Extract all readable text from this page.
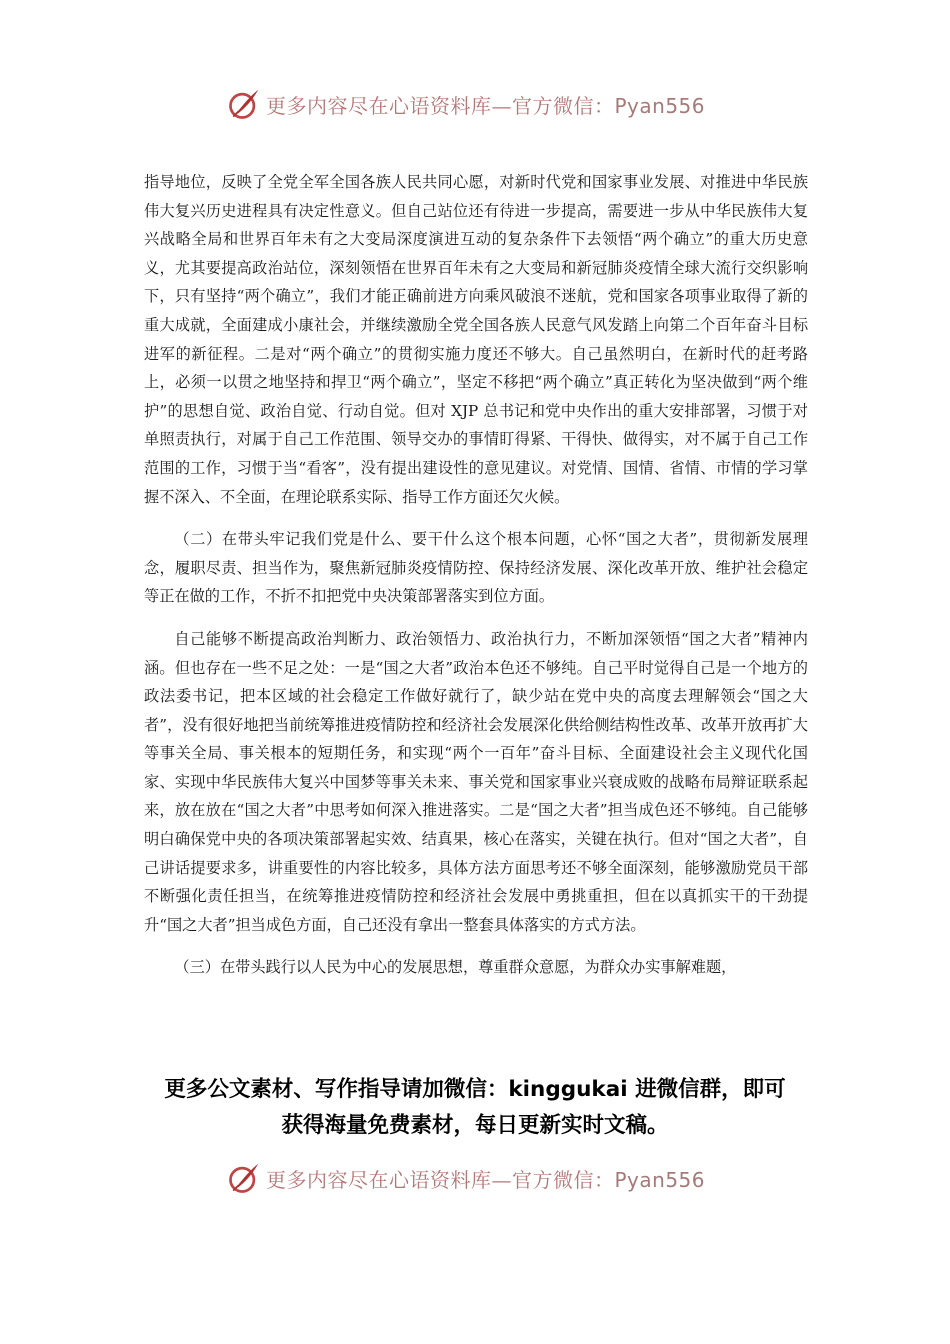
更多内容尽在心语资料库—官方微信：Pyan556

指导地位，反映了全党全军全国各族人民共同心愿，对新时代党和国家事业发展、对推进中华民族伟大复兴历史进程具有决定性意义。但自己站位还有待进一步提高，需要进一步从中华民族伟大复兴战略全局和世界百年未有之大变局深度演进互动的复杂条件下去领悟“两个确立”的重大历史意义，尤其要提高政治站位，深刻领悟在世界百年未有之大变局和新冠肺炎疫情全球大流行交织影响下，只有坚持“两个确立”，我们才能正确前进方向乘风破浪不迷航，党和国家各项事业取得了新的重大成就，全面建成小康社会，并继续激励全党全国各族人民意气风发踏上向第二个百年奋斗目标进军的新征程。二是对“两个确立”的贯彻实施力度还不够大。自己虽然明白，在新时代的赶考路上，必须一以贯之地坚持和捍卫“两个确立”，坚定不移把“两个确立”真正转化为坚决做到“两个维护”的思想自觉、政治自觉、行动自觉。但对 XJP 总书记和党中央作出的重大安排部署，习惯于对单照责执行，对属于自己工作范围、领导交办的事情盯得紧、干得快、做得实，对不属于自己工作范围的工作，习惯于当“看客”，没有提出建设性的意见建议。对党情、国情、省情、市情的学习掌握不深入、不全面，在理论联系实际、指导工作方面还欠火候。

（二）在带头牢记我们党是什么、要干什么这个根本问题，心怀“国之大者”，贯彻新发展理念，履职尽责、担当作为，聚焦新冠肺炎疫情防控、保持经济发展、深化改革开放、维护社会稳定等正在做的工作，不折不扣把党中央决策部署落实到位方面。

自己能够不断提高政治判断力、政治领悟力、政治执行力，不断加深领悟“国之大者”精神内涵。但也存在一些不足之处：一是“国之大者”政治本色还不够纯。自己平时觉得自己是一个地方的政法委书记，把本区域的社会稳定工作做好就行了，缺少站在党中央的高度去理解领会“国之大者”，没有很好地把当前统筹推进疫情防控和经济社会发展深化供给侧结构性改革、改革开放再扩大等事关全局、事关根本的短期任务，和实现“两个一百年”奋斗目标、全面建设社会主义现代化国家、实现中华民族伟大复兴中国梦等事关未来、事关党和国家事业兴衰成败的战略布局辩证联系起来，放在放在“国之大者”中思考如何深入推进落实。二是“国之大者”担当成色还不够纯。自己能够明白确保党中央的各项决策部署起实效、结真果，核心在落实，关键在执行。但对“国之大者”，自己讲话提要求多，讲重要性的内容比较多，具体方法方面思考还不够全面深刻，能够激励党员干部不断强化责任担当，在统筹推进疫情防控和经济社会发展中勇挑重担，但在以真抓实干的干劲提升“国之大者”担当成色方面，自己还没有拿出一整套具体落实的方式方法。

（三）在带头践行以人民为中心的发展思想，尊重群众意愿，为群众办实事解难题，

更多公文素材、写作指导请加微信：kinggukai 进微信群，即可
获得海量免费素材，每日更新实时文稿。
更多内容尽在心语资料库—官方微信：Pyan556
